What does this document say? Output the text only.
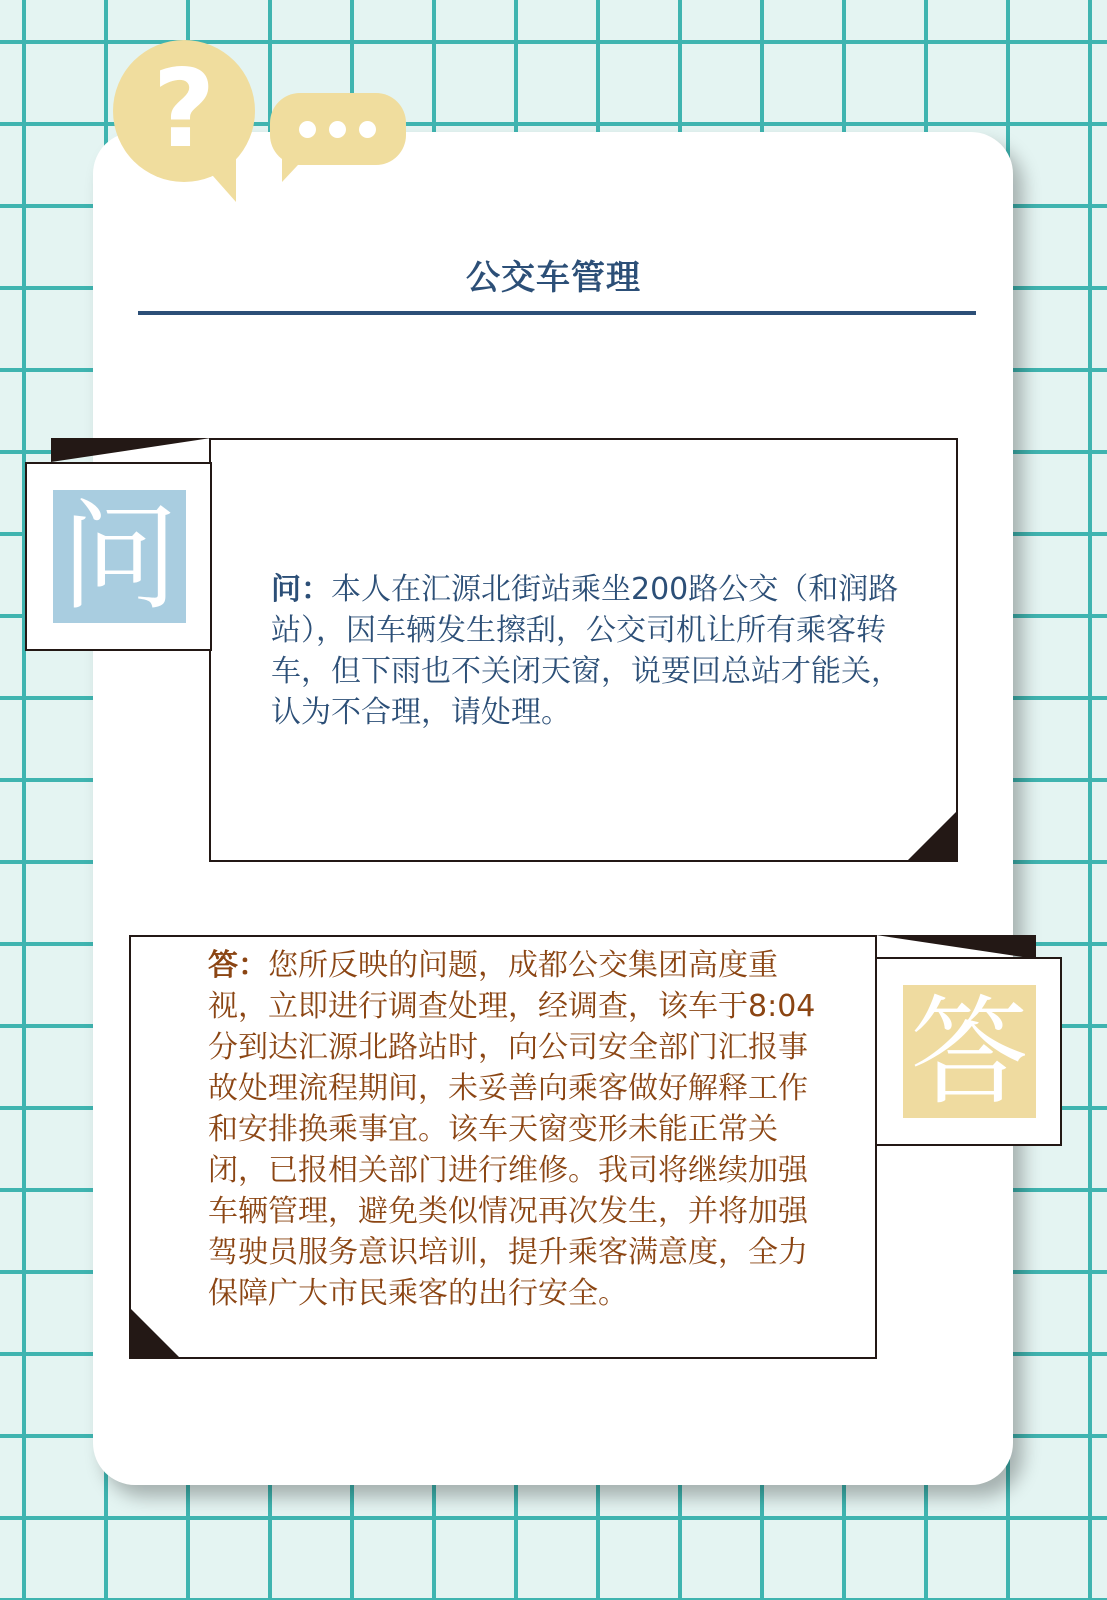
?
公交车管理
问	问：本人在汇源北街站乘坐200路公交（和润路站），因车辆发生擦刮，公交司机让所有乘客转车，但下雨也不关闭天窗，说要回总站才能关，认为不合理，请处理。
答
答：您所反映的问题，成都公交集团高度重视，立即进行调查处理，经调查，该车于8:04分到达汇源北路站时，向公司安全部门汇报事故处理流程期间，未妥善向乘客做好解释工作和安排换乘事宜。该车天窗变形未能正常关闭，已报相关部门进行维修。我司将继续加强车辆管理，避免类似情况再次发生，并将加强驾驶员服务意识培训，提升乘客满意度，全力保障广大市民乘客的出行安全。
